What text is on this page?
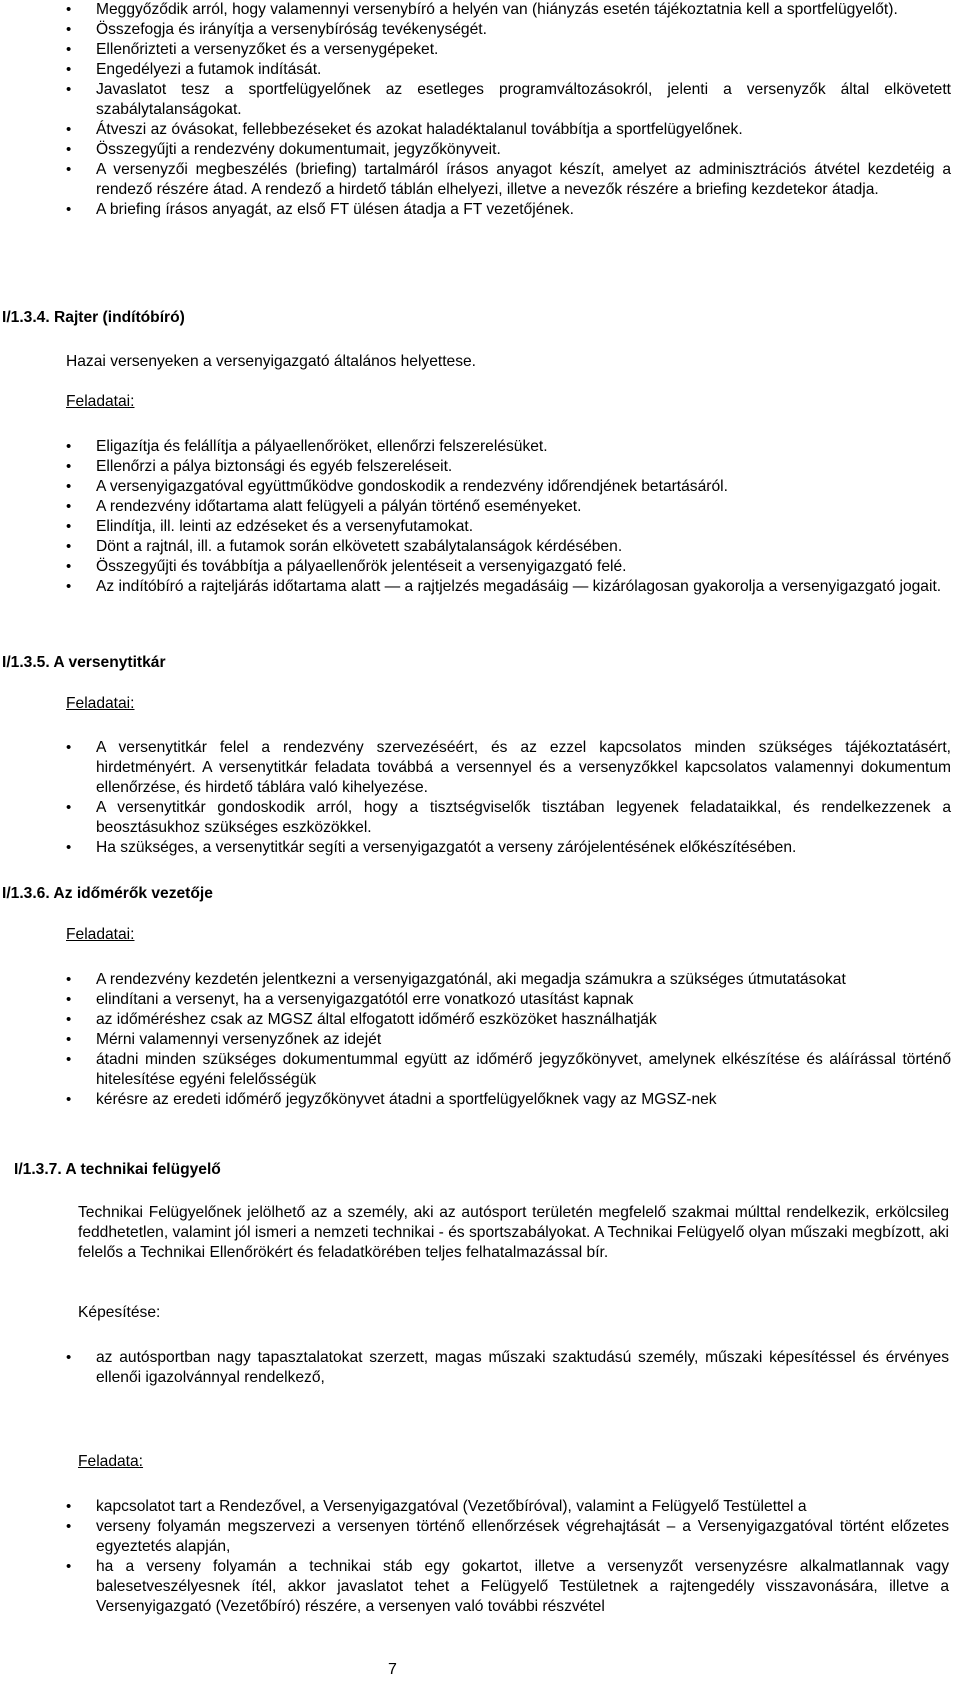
• Meggyőződik arról, hogy valamennyi versenybíró a helyén van (hiányzás esetén tájékoztatnia kell a sportfelügyelőt).
• Összefogja és irányítja a versenybíróság tevékenységét.
• Ellenőrizteti a versenyzőket és a versenygépeket.
• Engedélyezi a futamok indítását.
• Javaslatot tesz a sportfelügyelőnek az esetleges programváltozásokról, jelenti a versenyzők által elkövetett szabálytalanságokat.
• Átveszi az óvásokat, fellebbezéseket és azokat haladéktalanul továbbítja a sportfelügyelőnek.
• Összegyűjti a rendezvény dokumentumait, jegyzőkönyveit.
• A versenyzői megbeszélés (briefing) tartalmáról írásos anyagot készít, amelyet az adminisztrációs átvétel kezdetéig a rendező részére átad. A rendező a hirdető táblán elhelyezi, illetve a nevezők részére a briefing kezdetekor átadja.
• A briefing írásos anyagát, az első FT ülésen átadja a FT vezetőjének.
I/1.3.4. Rajter (indítóbíró)
Hazai versenyeken a versenyigazgató általános helyettese.
Feladatai:
• Eligazítja és felállítja a pályaellenőröket, ellenőrzi felszerelésüket.
• Ellenőrzi a pálya biztonsági és egyéb felszereléseit.
• A versenyigazgatóval együttműködve gondoskodik a rendezvény időrendjének betartásáról.
• A rendezvény időtartama alatt felügyeli a pályán történő eseményeket.
• Elindítja, ill. leinti az edzéseket és a versenyfutamokat.
• Dönt a rajtnál, ill. a futamok során elkövetett szabálytalanságok kérdésében.
• Összegyűjti és továbbítja a pályaellenőrök jelentéseit a versenyigazgató felé.
• Az indítóbíró a rajteljárás időtartama alatt — a rajtjelzés megadásáig — kizárólagosan gyakorolja a versenyigazgató jogait.
I/1.3.5. A versenytitkár
Feladatai:
• A versenytitkár felel a rendezvény szervezéséért, és az ezzel kapcsolatos minden szükséges tájékoztatásért, hirdetményért. A versenytitkár feladata továbbá a versennyel és a versenyzőkkel kapcsolatos valamennyi dokumentum ellenőrzése, és hirdető táblára való kihelyezése.
• A versenytitkár gondoskodik arról, hogy a tisztségviselők tisztában legyenek feladataikkal, és rendelkezzenek a beosztásukhoz szükséges eszközökkel.
• Ha szükséges, a versenytitkár segíti a versenyigazgatót a verseny zárójelentésének előkészítésében.
I/1.3.6. Az időmérők vezetője
Feladatai:
• A rendezvény kezdetén jelentkezni a versenyigazgatónál, aki megadja számukra a szükséges útmutatásokat
• elindítani a versenyt, ha a versenyigazgatótól erre vonatkozó utasítást kapnak
• az időméréshez csak az MGSZ által elfogatott időmérő eszközöket használhatják
• Mérni valamennyi versenyzőnek az idejét
• átadni minden szükséges dokumentummal együtt az időmérő jegyzőkönyvet, amelynek elkészítése és aláírással történő hitelesítése egyéni felelősségük
• kérésre az eredeti időmérő jegyzőkönyvet átadni a sportfelügyelőknek vagy az MGSZ-nek
I/1.3.7. A technikai felügyelő
Technikai Felügyelőnek jelölhető az a személy, aki az autósport területén megfelelő szakmai múlttal rendelkezik, erkölcsileg feddhetetlen, valamint jól ismeri a nemzeti technikai - és sportszabályokat. A Technikai Felügyelő olyan műszaki megbízott, aki felelős a Technikai Ellenőrökért és feladatkörében teljes felhatalmazással bír.
Képesítése:
• az autósportban nagy tapasztalatokat szerzett, magas műszaki szaktudású személy, műszaki képesítéssel és érvényes ellenői igazolvánnyal rendelkező,
Feladata:
• kapcsolatot tart a Rendezővel, a Versenyigazgatóval (Vezetőbíróval), valamint a Felügyelő Testülettel a
• verseny folyamán megszervezi a versenyen történő ellenőrzések végrehajtását – a Versenyigazgatóval történt előzetes egyeztetés alapján,
• ha a verseny folyamán a technikai stáb egy gokartot, illetve a versenyzőt versenyzésre alkalmatlannak vagy balesetveszélyesnek ítél, akkor javaslatot tehet a Felügyelő Testületnek a rajtengedély visszavonására, illetve a Versenyigazgató (Vezetőbíró) részére, a versenyen való további részvétel
7
